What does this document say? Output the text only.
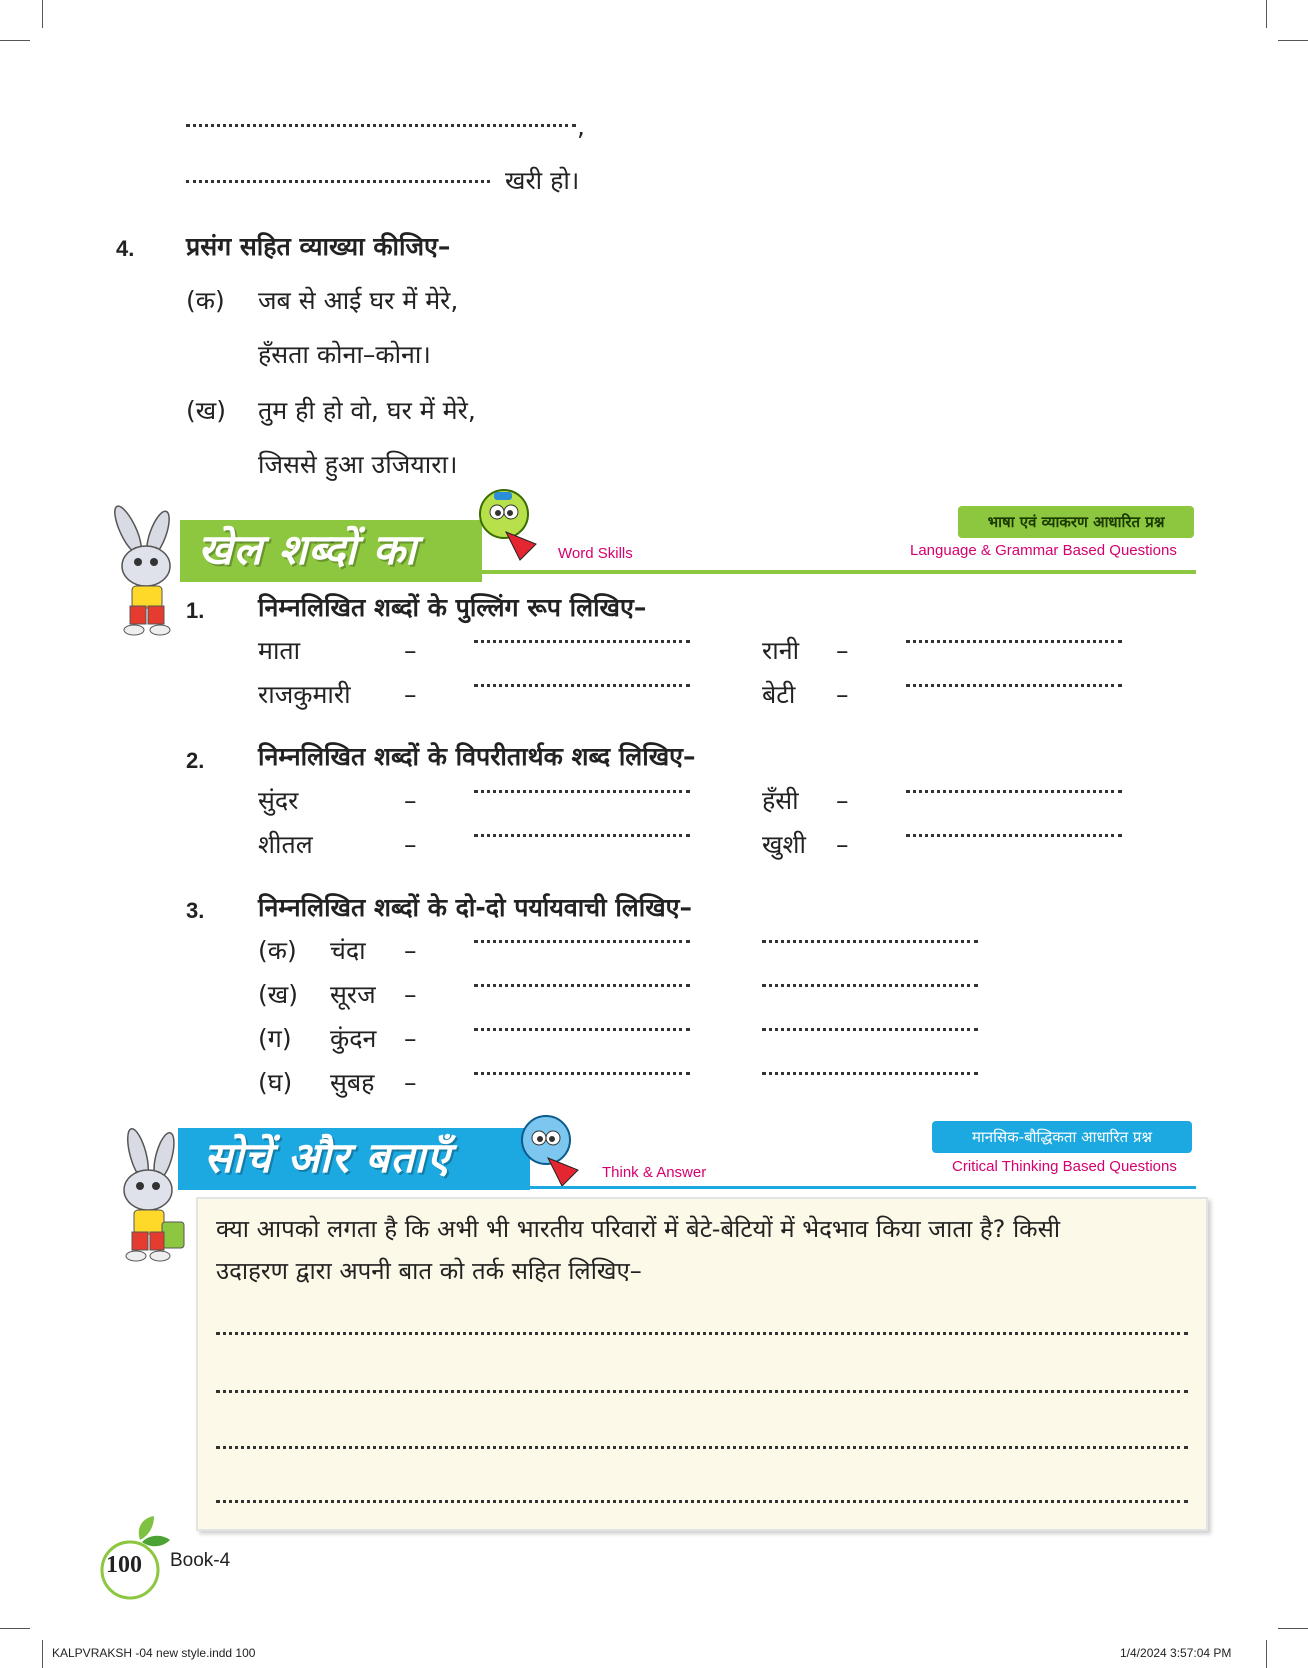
,
खरी हो।
4. प्रसंग सहित व्याख्या कीजिए–
(क) जब से आई घर में मेरे,
हँसता कोना–कोना।
(ख) तुम ही हो वो, घर में मेरे,
जिससे हुआ उजियारा।
खेल शब्दों का	Word Skills
भाषा एवं व्याकरण आधारित प्रश्न
Language & Grammar Based Questions
1. निम्नलिखित शब्दों के पुल्लिंग रूप लिखिए–
माता	–	रानी –
राजकुमारी –	बेटी –
2. निम्नलिखित शब्दों के विपरीतार्थक शब्द लिखिए–
सुंदर	–	हँसी –
शीतल	–	खुशी –
3. निम्नलिखित शब्दों के दो-दो पर्यायवाची लिखिए–
(क) चंदा –
(ख) सूरज –
(ग) कुंदन –
(घ) सुबह –
सोचें और बताएँ	Think & Answer
मानसिक-बौद्धिकता आधारित प्रश्न
Critical Thinking Based Questions
क्या आपको लगता है कि अभी भी भारतीय परिवारों में बेटे-बेटियों में भेदभाव किया जाता है? किसी
उदाहरण द्वारा अपनी बात को तर्क सहित लिखिए–
100 Book-4
KALPVRAKSH -04 new style.indd 100	1/4/2024 3:57:04 PM
